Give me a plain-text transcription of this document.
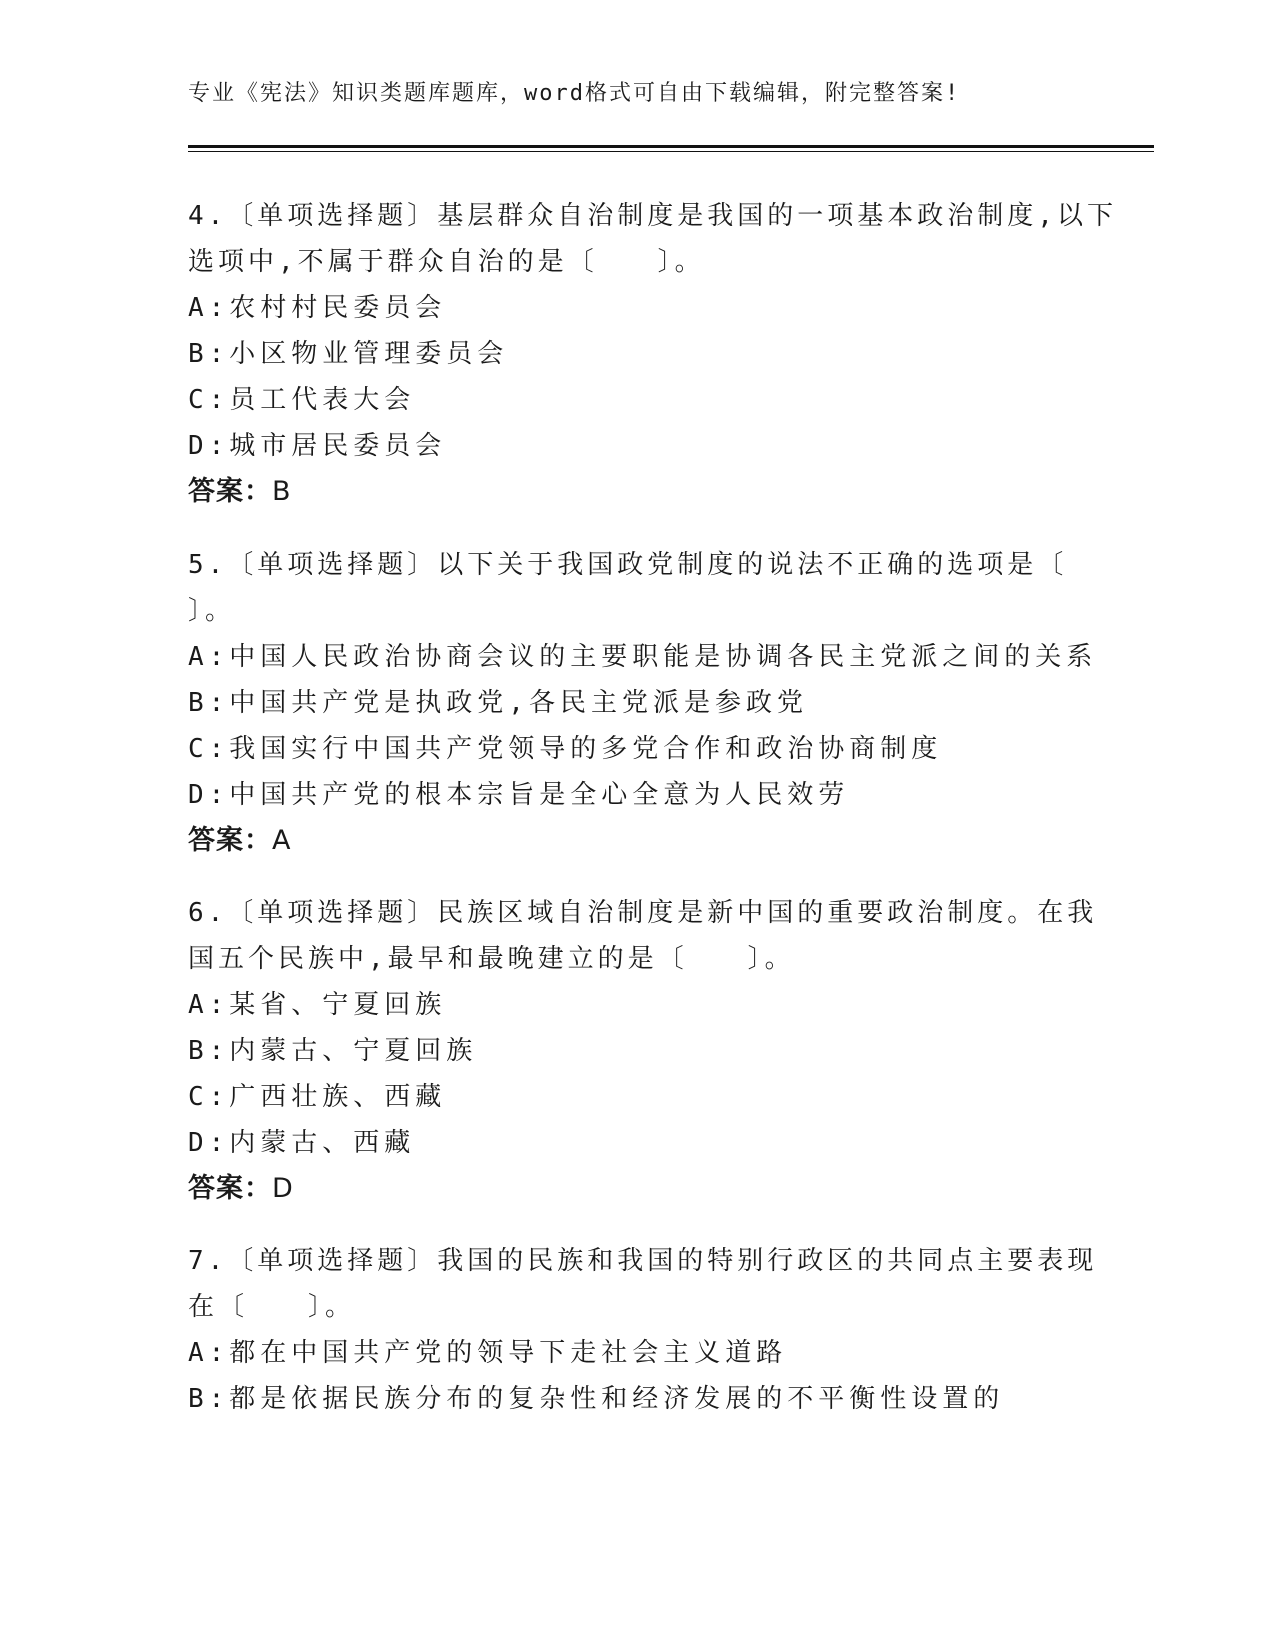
专业《宪法》知识类题库题库，word格式可自由下载编辑，附完整答案!
4.〔单项选择题〕基层群众自治制度是我国的一项基本政治制度,以下
选项中,不属于群众自治的是〔　　〕。
A:农村村民委员会
B:小区物业管理委员会
C:员工代表大会
D:城市居民委员会
答案：B
5.〔单项选择题〕以下关于我国政党制度的说法不正确的选项是〔
〕。
A:中国人民政治协商会议的主要职能是协调各民主党派之间的关系
B:中国共产党是执政党,各民主党派是参政党
C:我国实行中国共产党领导的多党合作和政治协商制度
D:中国共产党的根本宗旨是全心全意为人民效劳
答案：A
6.〔单项选择题〕民族区域自治制度是新中国的重要政治制度。在我
国五个民族中,最早和最晚建立的是〔　　〕。
A:某省、宁夏回族
B:内蒙古、宁夏回族
C:广西壮族、西藏
D:内蒙古、西藏
答案：D
7.〔单项选择题〕我国的民族和我国的特别行政区的共同点主要表现
在〔　　〕。
A:都在中国共产党的领导下走社会主义道路
B:都是依据民族分布的复杂性和经济发展的不平衡性设置的
